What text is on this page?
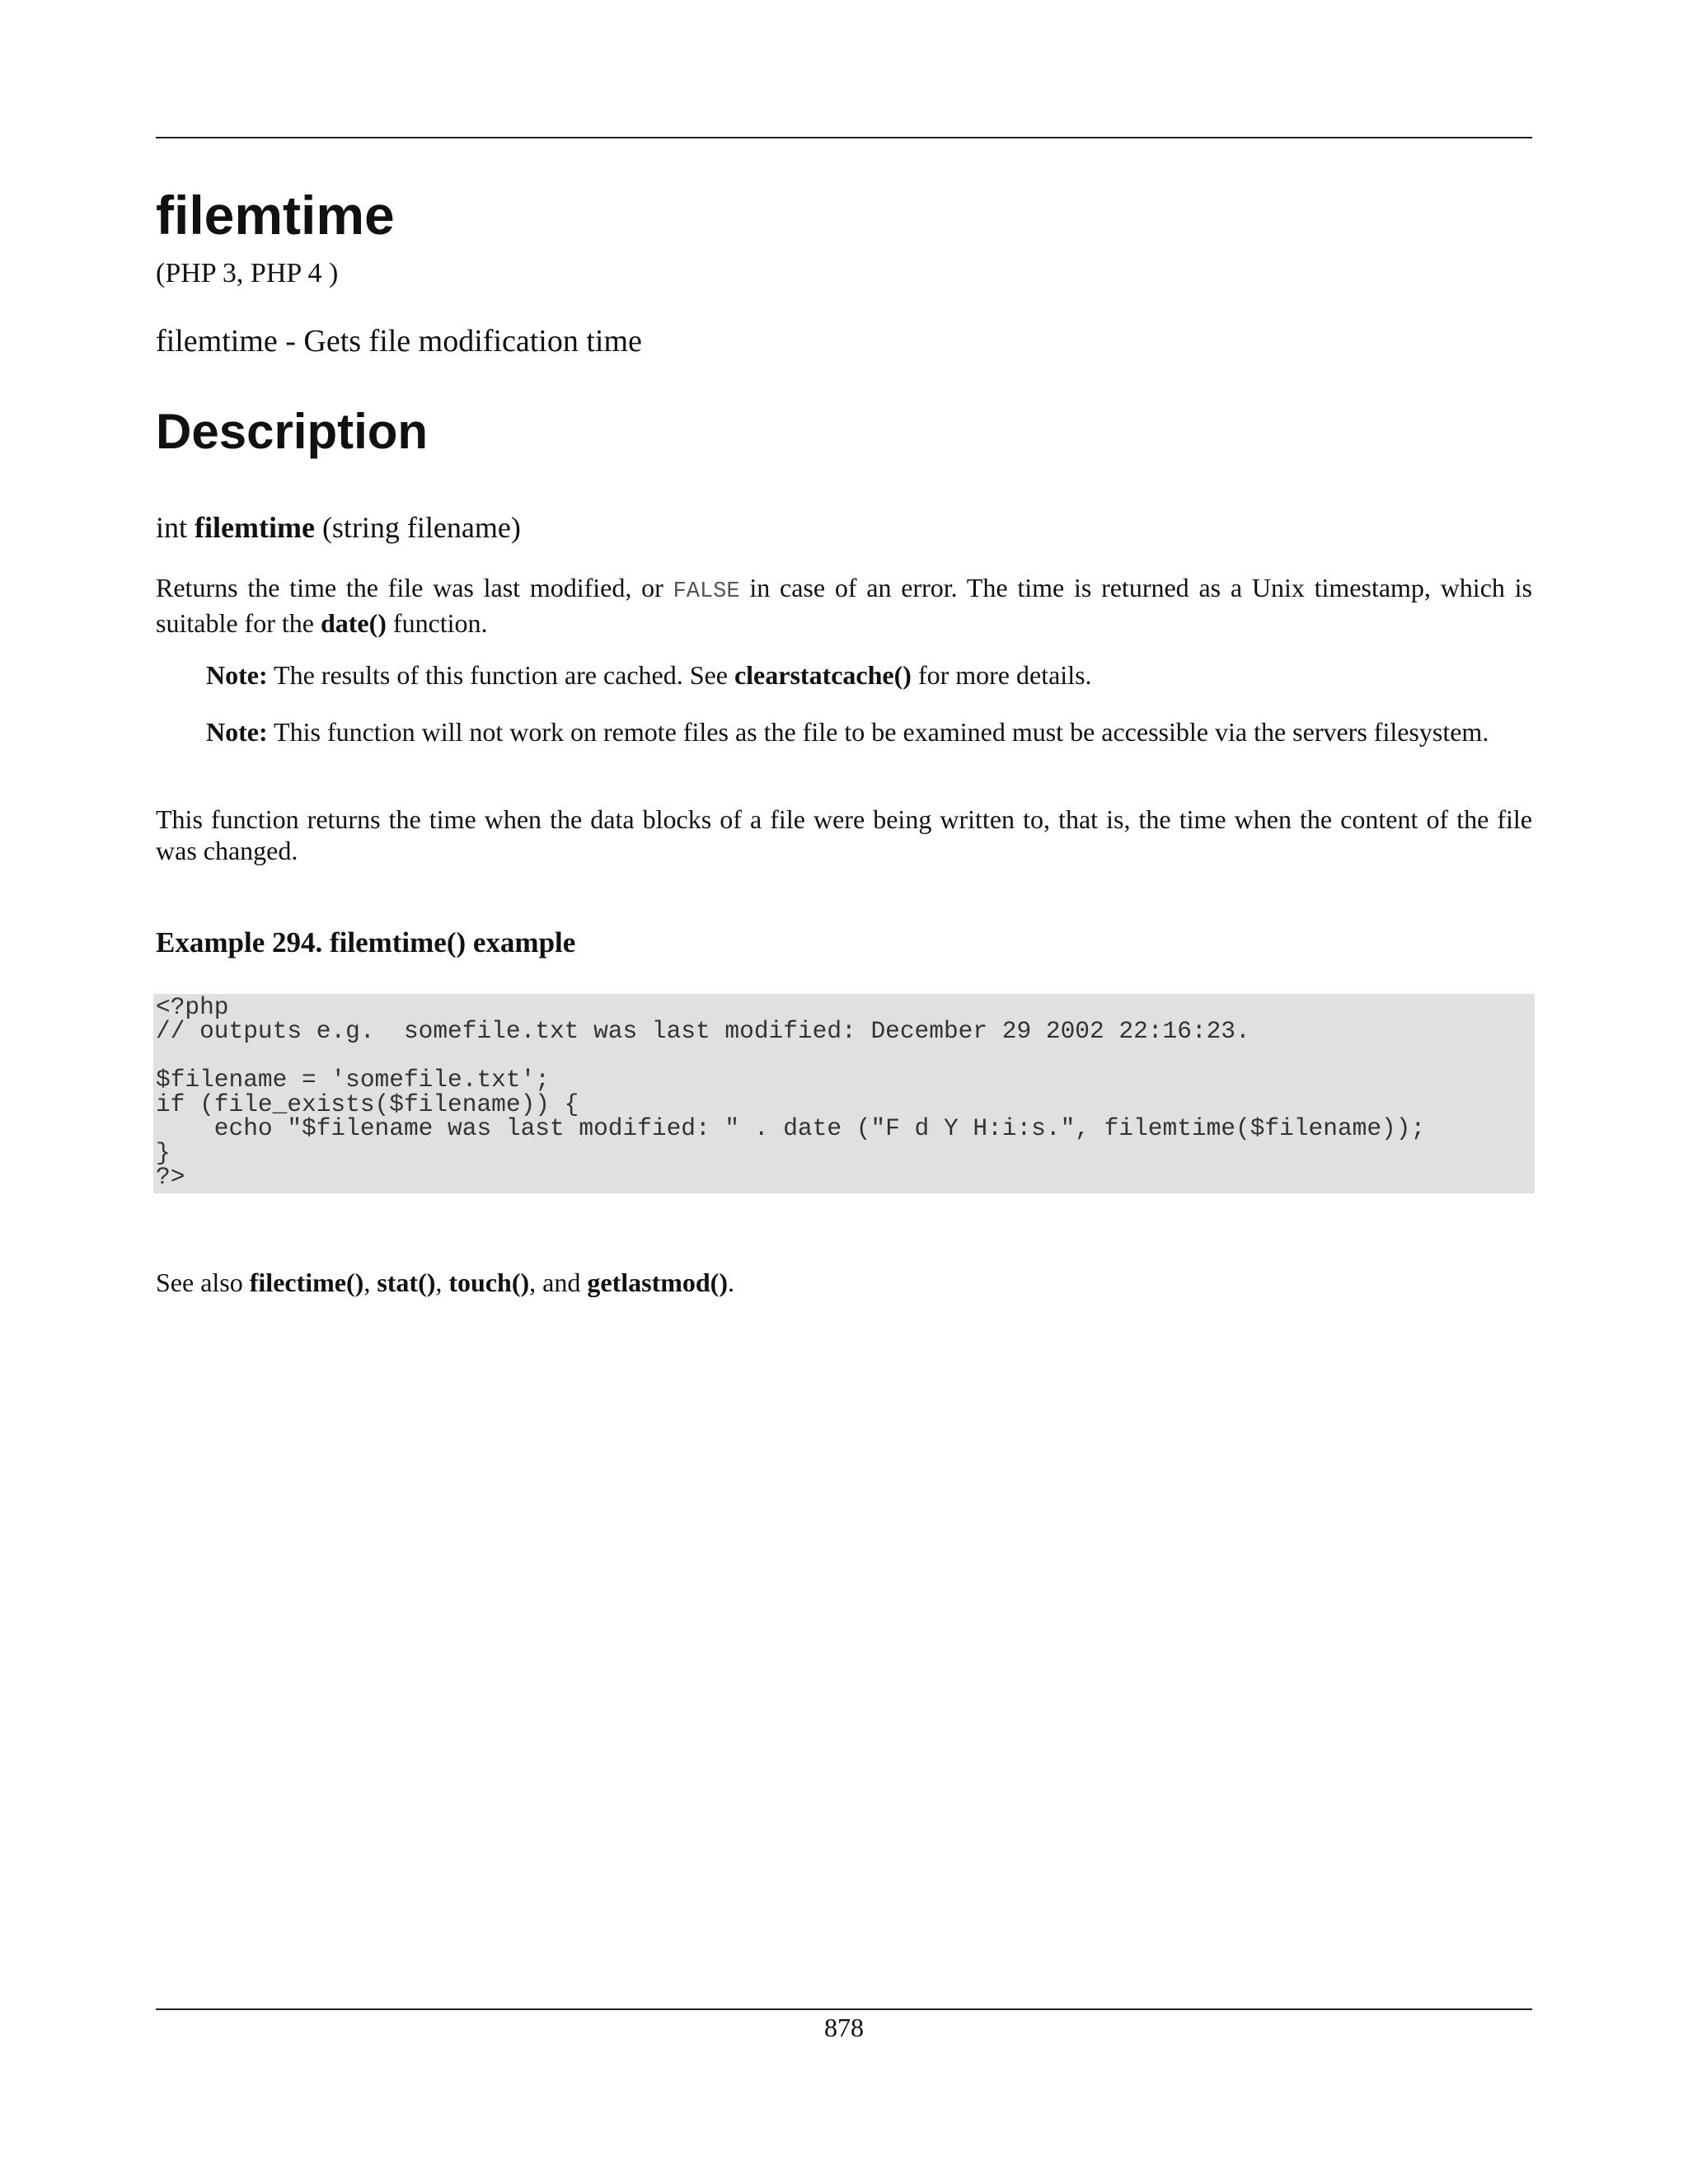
filemtime
(PHP 3, PHP 4 )
filemtime - Gets file modification time
Description
int filemtime (string filename)
Returns the time the file was last modified, or FALSE in case of an error. The time is returned as a Unix timestamp, which is suitable for the date() function.
Note: The results of this function are cached. See clearstatcache() for more details.
Note: This function will not work on remote files as the file to be examined must be accessible via the servers filesystem.
This function returns the time when the data blocks of a file were being written to, that is, the time when the content of the file was changed.
Example 294. filemtime() example
<?php
// outputs e.g.  somefile.txt was last modified: December 29 2002 22:16:23.
$filename = 'somefile.txt';
if (file_exists($filename)) {
echo "$filename was last modified: " . date ("F d Y H:i:s.", filemtime($filename));
}
?>
See also filectime(), stat(), touch(), and getlastmod().
878
